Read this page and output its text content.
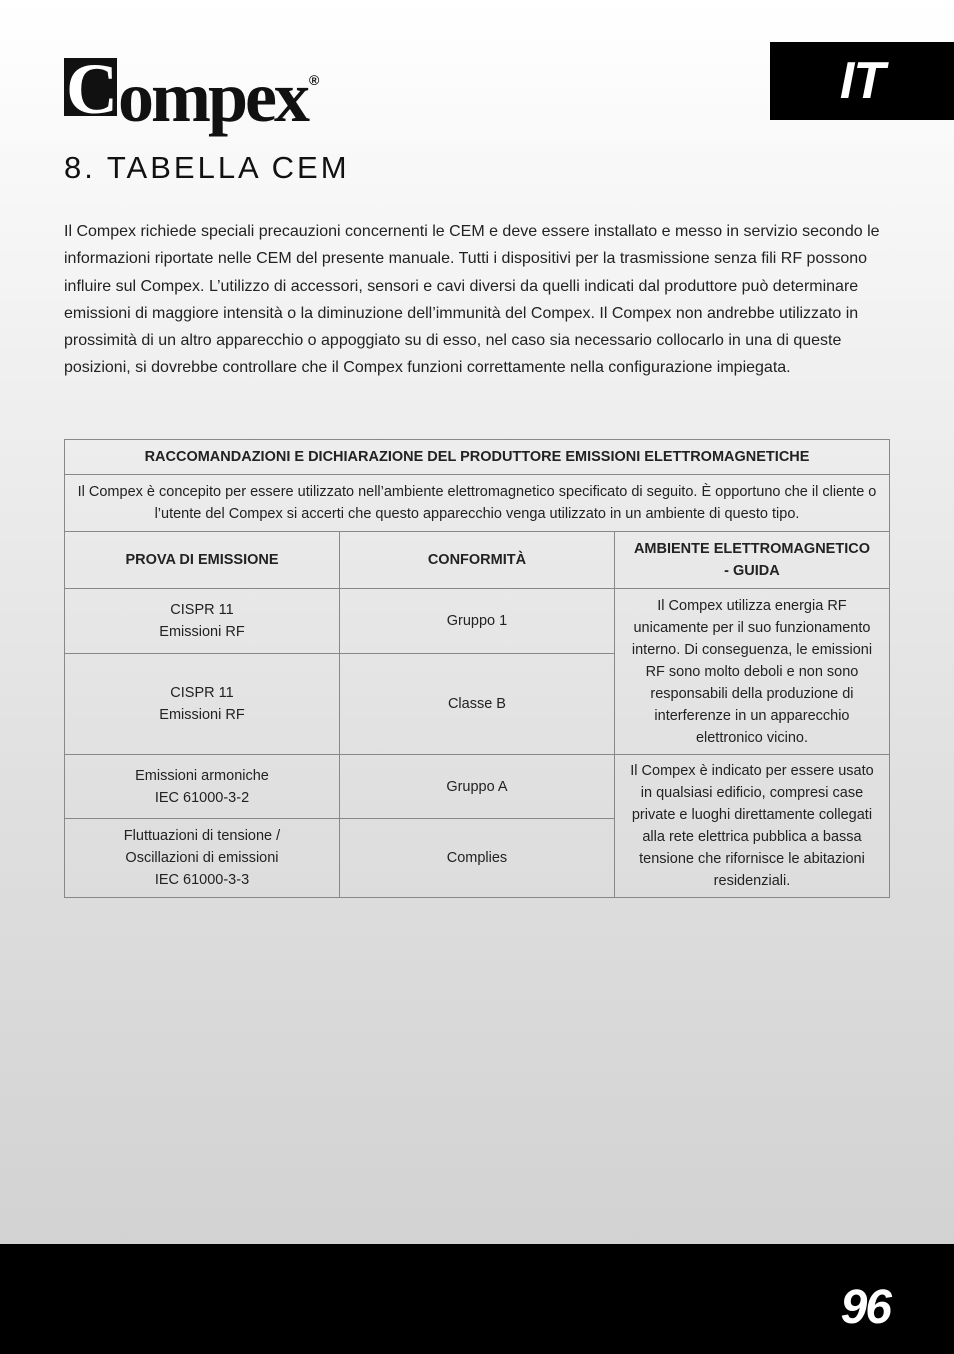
Compex ®	IT
8. TABELLA CEM

Il Compex richiede speciali precauzioni concernenti le CEM e deve essere installato e messo in servizio secondo le informazioni riportate nelle CEM del presente manuale. Tutti i dispositivi per la trasmissione senza fili RF possono influire sul Compex. L’utilizzo di accessori, sensori e cavi diversi da quelli indicati dal produttore può determinare emissioni di maggiore intensità o la diminuzione dell’immunità del Compex. Il Compex non andrebbe utilizzato in prossimità di un altro apparecchio o appoggiato su di esso, nel caso sia necessario collocarlo in una di queste posizioni, si dovrebbe controllare che il Compex funzioni correttamente nella configurazione impiegata.

RACCOMANDAZIONI E DICHIARAZIONE DEL PRODUTTORE EMISSIONI ELETTROMAGNETICHE		
Il Compex è concepito per essere utilizzato nell’ambiente elettromagnetico specificato di seguito. È opportuno che il cliente o l’utente del Compex si accerti che questo apparecchio venga utilizzato in un ambiente di questo tipo.		
PROVA DI EMISSIONE	CONFORMITÀ	AMBIENTE ELETTROMAGNETICO
- GUIDA
CISPR 11
Emissioni RF	Gruppo 1	Il Compex utilizza energia RF unicamente per il suo funzionamento interno. Di conseguenza, le emissioni RF sono molto deboli e non sono responsabili della produzione di interferenze in un apparecchio elettronico vicino.
CISPR 11
Emissioni RF	Classe B	
Emissioni armoniche
IEC 61000-3-2	Gruppo A	Il Compex è indicato per essere usato in qualsiasi edificio, compresi case private e luoghi direttamente collegati alla rete elettrica pubblica a bassa tensione che rifornisce le abitazioni residenziali.
Fluttuazioni di tensione /
Oscillazioni di emissioni
IEC 61000-3-3	Complies	
96
